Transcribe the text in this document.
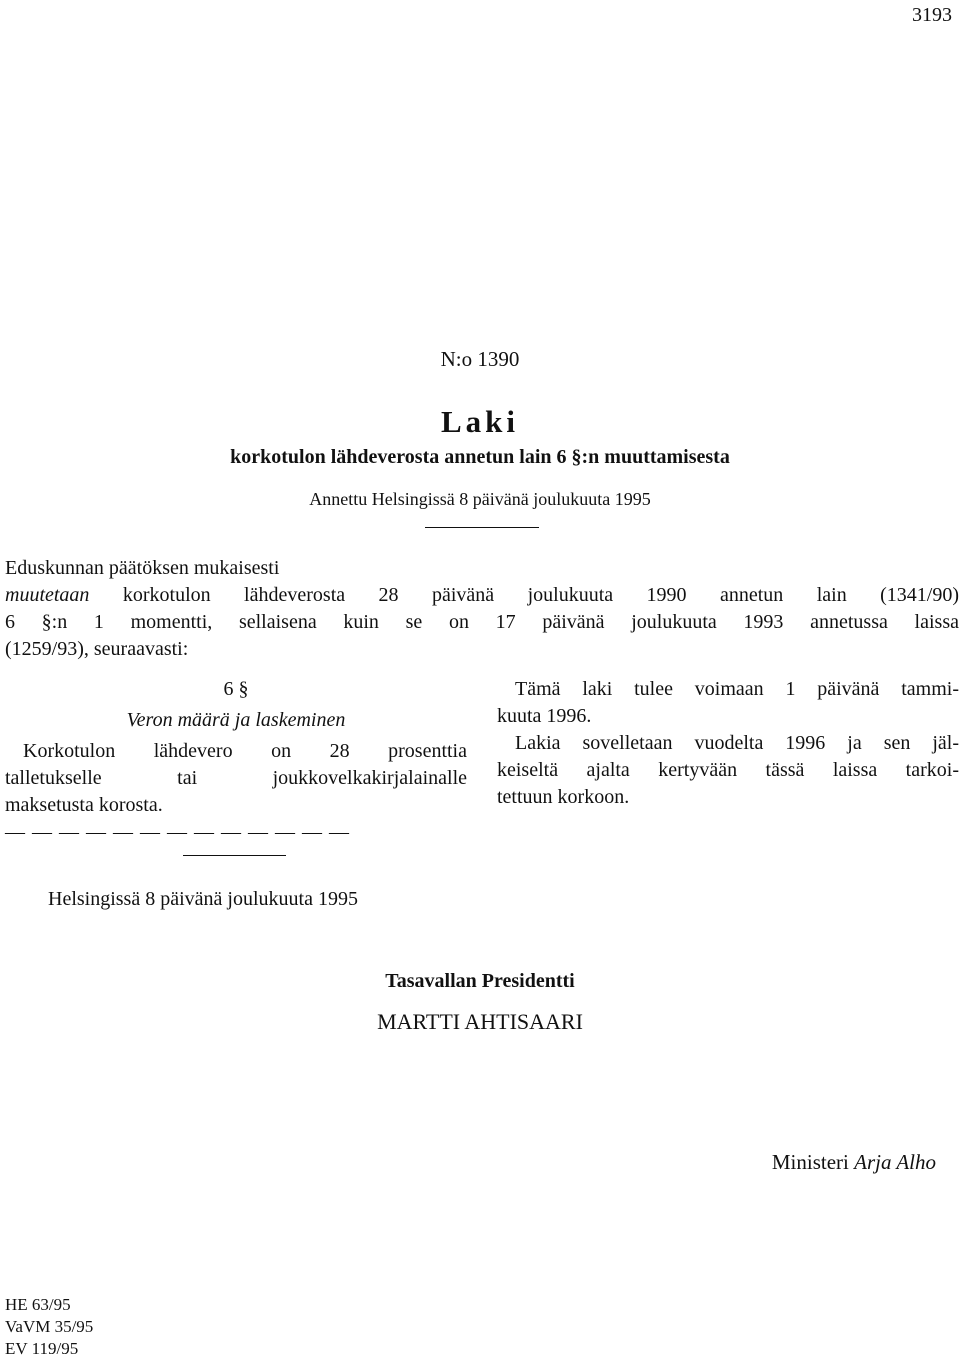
3193
N:o 1390
Laki
korkotulon lähdeverosta annetun lain 6 §:n muuttamisesta
Annettu Helsingissä 8 päivänä joulukuuta 1995

Eduskunnan päätöksen mukaisesti

muutetaan korkotulon lähdeverosta 28 päivänä joulukuuta 1990 annetun lain (1341/90)

6 §:n 1 momentti, sellaisena kuin se on 17 päivänä joulukuuta 1993 annetussa laissa

(1259/93), seuraavasti:

6 §

Veron määrä ja laskeminen

Korkotulon lähdevero on 28 prosenttia

talletukselle tai joukkovelkakirjalainalle

maksetusta korosta.

— — — — — — — — — — — — —

Tämä laki tulee voimaan 1 päivänä tammi-

kuuta 1996.

Lakia sovelletaan vuodelta 1996 ja sen jäl-

keiseltä ajalta kertyvään tässä laissa tarkoi-

tettuun korkoon.

Helsingissä 8 päivänä joulukuuta 1995
Tasavallan Presidentti
MARTTI AHTISAARI
Ministeri Arja Alho
HE 63/95
VaVM 35/95
EV 119/95
